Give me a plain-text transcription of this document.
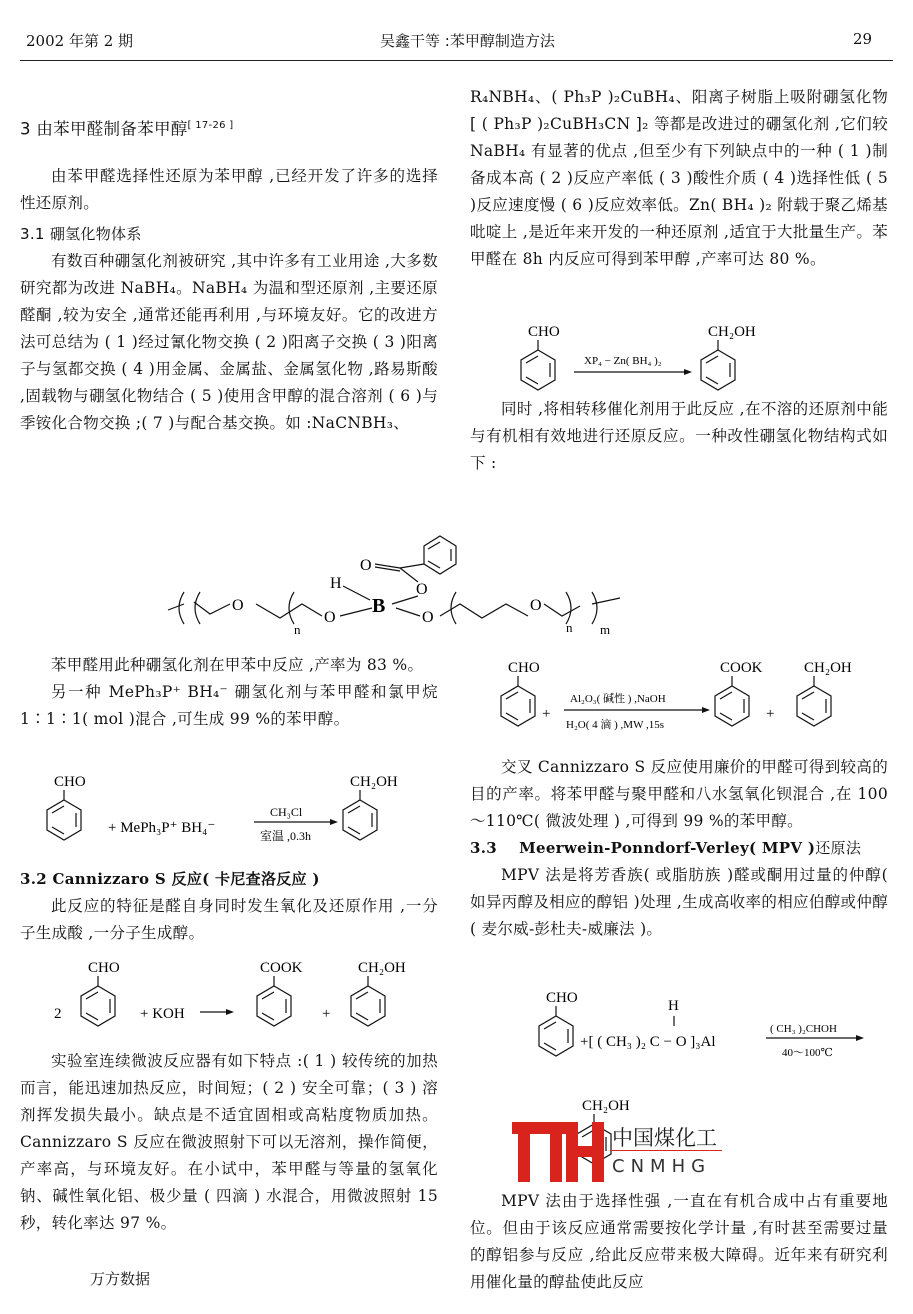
2002 年第 2 期	吴鑫干等 :苯甲醇制造方法	29

3 由苯甲醛制备苯甲醇[ 17-26 ]

由苯甲醛选择性还原为苯甲醇 ,已经开发了许多的选择性还原剂。

3.1 硼氢化物体系

有数百种硼氢化剂被研究 ,其中许多有工业用途 ,大多数研究都为改进 NaBH₄。NaBH₄ 为温和型还原剂 ,主要还原醛酮 ,较为安全 ,通常还能再利用 ,与环境友好。它的改进方法可总结为 ( 1 )经过氰化物交换 ( 2 )阳离子交换 ( 3 )阳离子与氢都交换 ( 4 )用金属、金属盐、金属氢化物 ,路易斯酸 ,固载物与硼氢化物结合 ( 5 )使用含甲醇的混合溶剂 ( 6 )与季铵化合物交换 ;( 7 )与配合基交换。如 :NaCNBH₃、

R₄NBH₄、( Ph₃P )₂CuBH₄、阳离子树脂上吸附硼氢化物 [ ( Ph₃P )₂CuBH₃CN ]₂ 等都是改进过的硼氢化剂 ,它们较 NaBH₄ 有显著的优点 ,但至少有下列缺点中的一种 ( 1 )制备成本高 ( 2 )反应产率低 ( 3 )酸性介质 ( 4 )选择性低 ( 5 )反应速度慢 ( 6 )反应效率低。Zn( BH₄ )₂ 附载于聚乙烯基吡啶上 ,是近年来开发的一种还原剂 ,适宜于大批量生产。苯甲醛在 8h 内反应可得到苯甲醇 ,产率可达 80 %。

CHO
XP₄ − Zn( BH₄ )₂
CH₂OH

同时 ,将相转移催化剂用于此反应 ,在不溶的还原剂中能与有机相有效地进行还原反应。一种改性硼氢化物结构式如下 :

O
O
H
B
O
O
n
O
O
n m

苯甲醛用此种硼氢化剂在甲苯中反应 ,产率为 83 %。

另一种 MePh₃P⁺ BH₄⁻ 硼氢化剂与苯甲醛和氯甲烷 1∶1∶1( mol )混合 ,可生成 99 %的苯甲醇。

CHO
+ MePh₃P⁺ BH₄⁻
CH₃Cl
室温 ,0.3h
CH₂OH

3.2 Cannizzaro S 反应( 卡尼查洛反应 )

此反应的特征是醛自身同时发生氧化及还原作用 ,一分子生成酸 ,一分子生成醇。

2
CHO
+ KOH
COOK
+
CH₂OH

实验室连续微波反应器有如下特点 :( 1 ) 较传统的加热而言，能迅速加热反应，时间短；( 2 ) 安全可靠；( 3 ) 溶剂挥发损失最小。缺点是不适宜固相或高粘度物质加热。Cannizzaro S 反应在微波照射下可以无溶剂，操作简便，产率高，与环境友好。在小试中，苯甲醛与等量的氢氧化钠、碱性氧化铝、极少量 ( 四滴 ) 水混合，用微波照射 15 秒，转化率达 97 %。

万方数据
CHO
+
Al₂O₃( 碱性 ) ,NaOH
H₂O( 4 滴 ) ,MW ,15s
COOK
+
CH₂OH

交叉 Cannizzaro S 反应使用廉价的甲醛可得到较高的目的产率。将苯甲醛与聚甲醛和八水氢氧化钡混合 ,在 100～110℃( 微波处理 ) ,可得到 99 %的苯甲醇。

3.3 Meerwein-Ponndorf-Verley( MPV )还原法

MPV 法是将芳香族( 或脂肪族 )醛或酮用过量的仲醇( 如异丙醇及相应的醇铝 )处理 ,生成高收率的相应伯醇或仲醇( 麦尔威-彭杜夫-威廉法 )。

CHO	H
+[ ( CH₃ )₂ C − O ]₃Al
( CH₃ )₂CHOH
40～100℃
CH₂OH
中国煤化工
CNMHG

MPV 法由于选择性强 ,一直在有机合成中占有重要地位。但由于该反应通常需要按化学计量 ,有时甚至需要过量的醇铝参与反应 ,给此反应带来极大障碍。近年来有研究利用催化量的醇盐使此反应
